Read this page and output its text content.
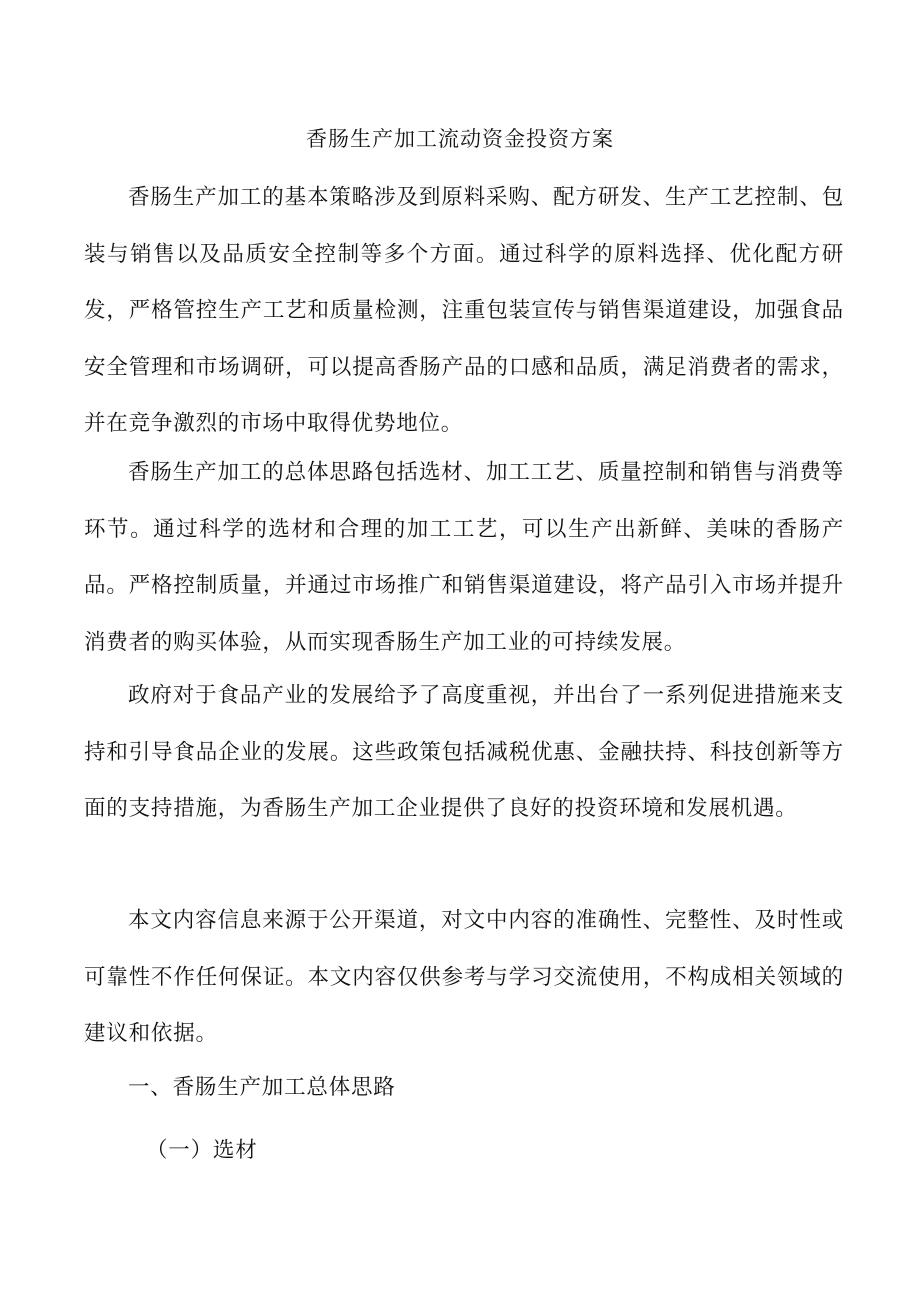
香肠生产加工流动资金投资方案

香肠生产加工的基本策略涉及到原料采购、配方研发、生产工艺控制、包装与销售以及品质安全控制等多个方面。通过科学的原料选择、优化配方研发，严格管控生产工艺和质量检测，注重包装宣传与销售渠道建设，加强食品安全管理和市场调研，可以提高香肠产品的口感和品质，满足消费者的需求，并在竞争激烈的市场中取得优势地位。

香肠生产加工的总体思路包括选材、加工工艺、质量控制和销售与消费等环节。通过科学的选材和合理的加工工艺，可以生产出新鲜、美味的香肠产品。严格控制质量，并通过市场推广和销售渠道建设，将产品引入市场并提升消费者的购买体验，从而实现香肠生产加工业的可持续发展。

政府对于食品产业的发展给予了高度重视，并出台了一系列促进措施来支持和引导食品企业的发展。这些政策包括减税优惠、金融扶持、科技创新等方面的支持措施，为香肠生产加工企业提供了良好的投资环境和发展机遇。

本文内容信息来源于公开渠道，对文中内容的准确性、完整性、及时性或可靠性不作任何保证。本文内容仅供参考与学习交流使用，不构成相关领域的建议和依据。

一、香肠生产加工总体思路
（一）选材
